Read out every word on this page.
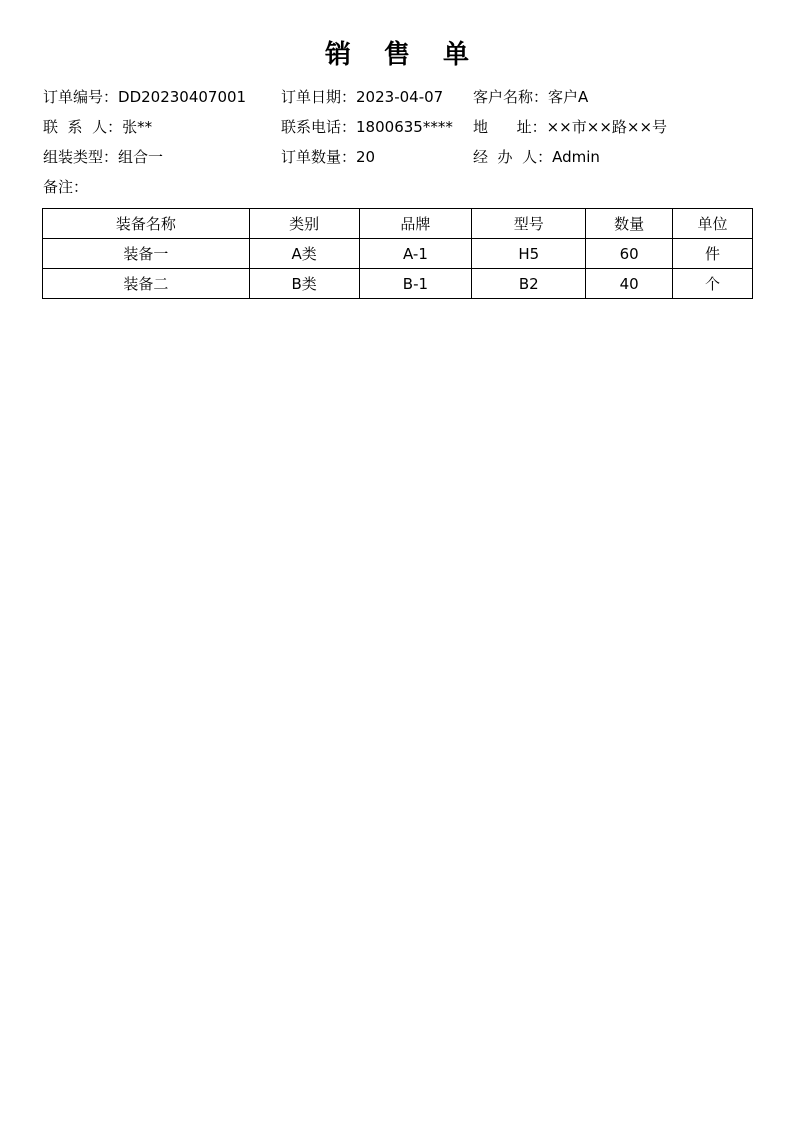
销 售 单
订单编号：DD20230407001 订单日期：2023-04-07 客户名称：客户A
联  系  人：张**	联系电话：1800635**** 地      址：××市××路××号
组装类型：组合一	订单数量：20	经  办  人：Admin
备注：
装备名称	类别	品牌	型号	数量	单位
装备一	A类	A-1	H5	60	件
装备二	B类	B-1	B2	40	个
